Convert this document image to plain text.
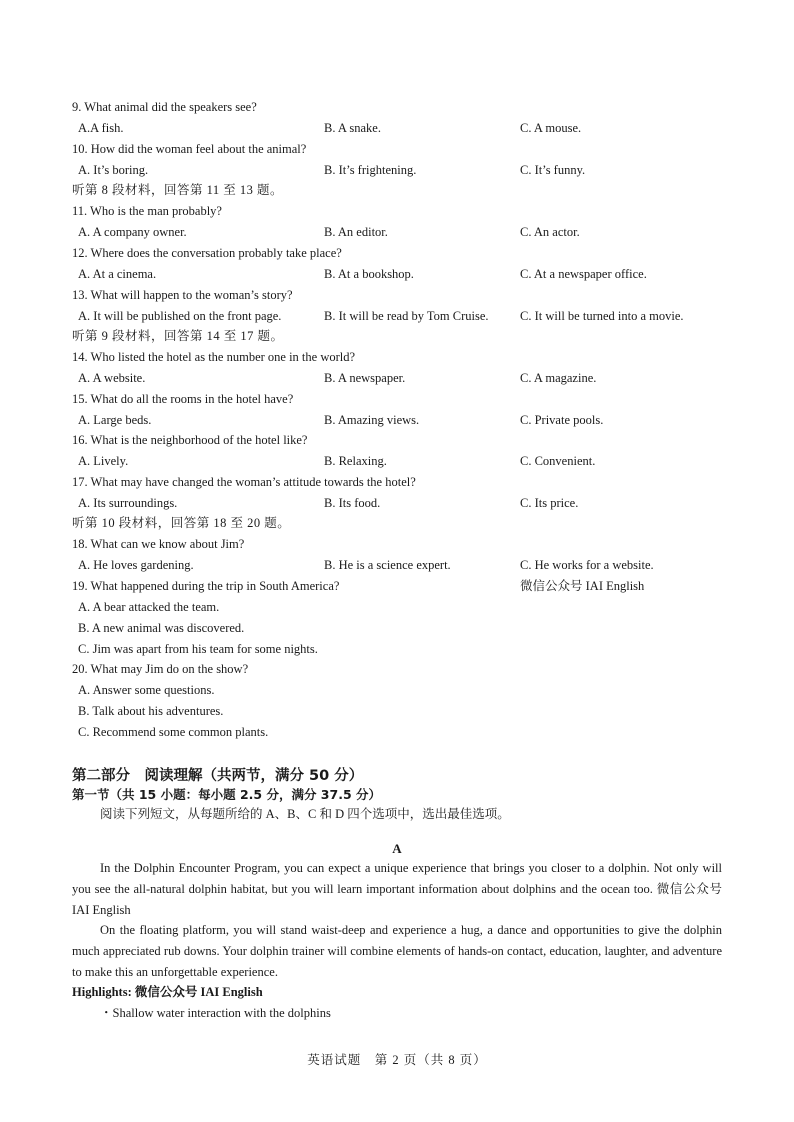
9. What animal did the speakers see?
A.A fish.	B. A snake.	C. A mouse.
10. How did the woman feel about the animal?
A. It’s boring.	B. It’s frightening.	C. It’s funny.
听第 8 段材料，回答第 11 至 13 题。
11. Who is the man probably?
A. A company owner.	B. An editor.	C. An actor.
12. Where does the conversation probably take place?
A. At a cinema.	B. At a bookshop.	C. At a newspaper office.
13. What will happen to the woman’s story?
A. It will be published on the front page.	B. It will be read by Tom Cruise.	C. It will be turned into a movie.
听第 9 段材料，回答第 14 至 17 题。
14. Who listed the hotel as the number one in the world?
A. A website.	B. A newspaper.	C. A magazine.
15. What do all the rooms in the hotel have?
A. Large beds.	B. Amazing views.	C. Private pools.
16. What is the neighborhood of the hotel like?
A. Lively.	B. Relaxing.	C. Convenient.
17. What may have changed the woman’s attitude towards the hotel?
A. Its surroundings.	B. Its food.	C. Its price.
听第 10 段材料，回答第 18 至 20 题。
18. What can we know about Jim?
A. He loves gardening.	B. He is a science expert.	C. He works for a website.
19. What happened during the trip in South America?	微信公众号 IAI English
A. A bear attacked the team.
B. A new animal was discovered.
C. Jim was apart from his team for some nights.
20. What may Jim do on the show?
A. Answer some questions.
B. Talk about his adventures.
C. Recommend some common plants.
第二部分　阅读理解（共两节，满分 50 分）
第一节（共 15 小题：每小题 2.5 分，满分 37.5 分）
阅读下列短文，从每题所给的 A、B、C 和 D 四个选项中，选出最佳选项。
A
In the Dolphin Encounter Program, you can expect a unique experience that brings you closer to a dolphin. Not only will you see the all-natural dolphin habitat, but you will learn important information about dolphins and the ocean too. 微信公众号 IAI English
On the floating platform, you will stand waist-deep and experience a hug, a dance and opportunities to give the dolphin much appreciated rub downs. Your dolphin trainer will combine elements of hands-on contact, education, laughter, and adventure to make this an unforgettable experience.
Highlights: 微信公众号 IAI English
・Shallow water interaction with the dolphins
英语试题　第 2 页（共 8 页）
